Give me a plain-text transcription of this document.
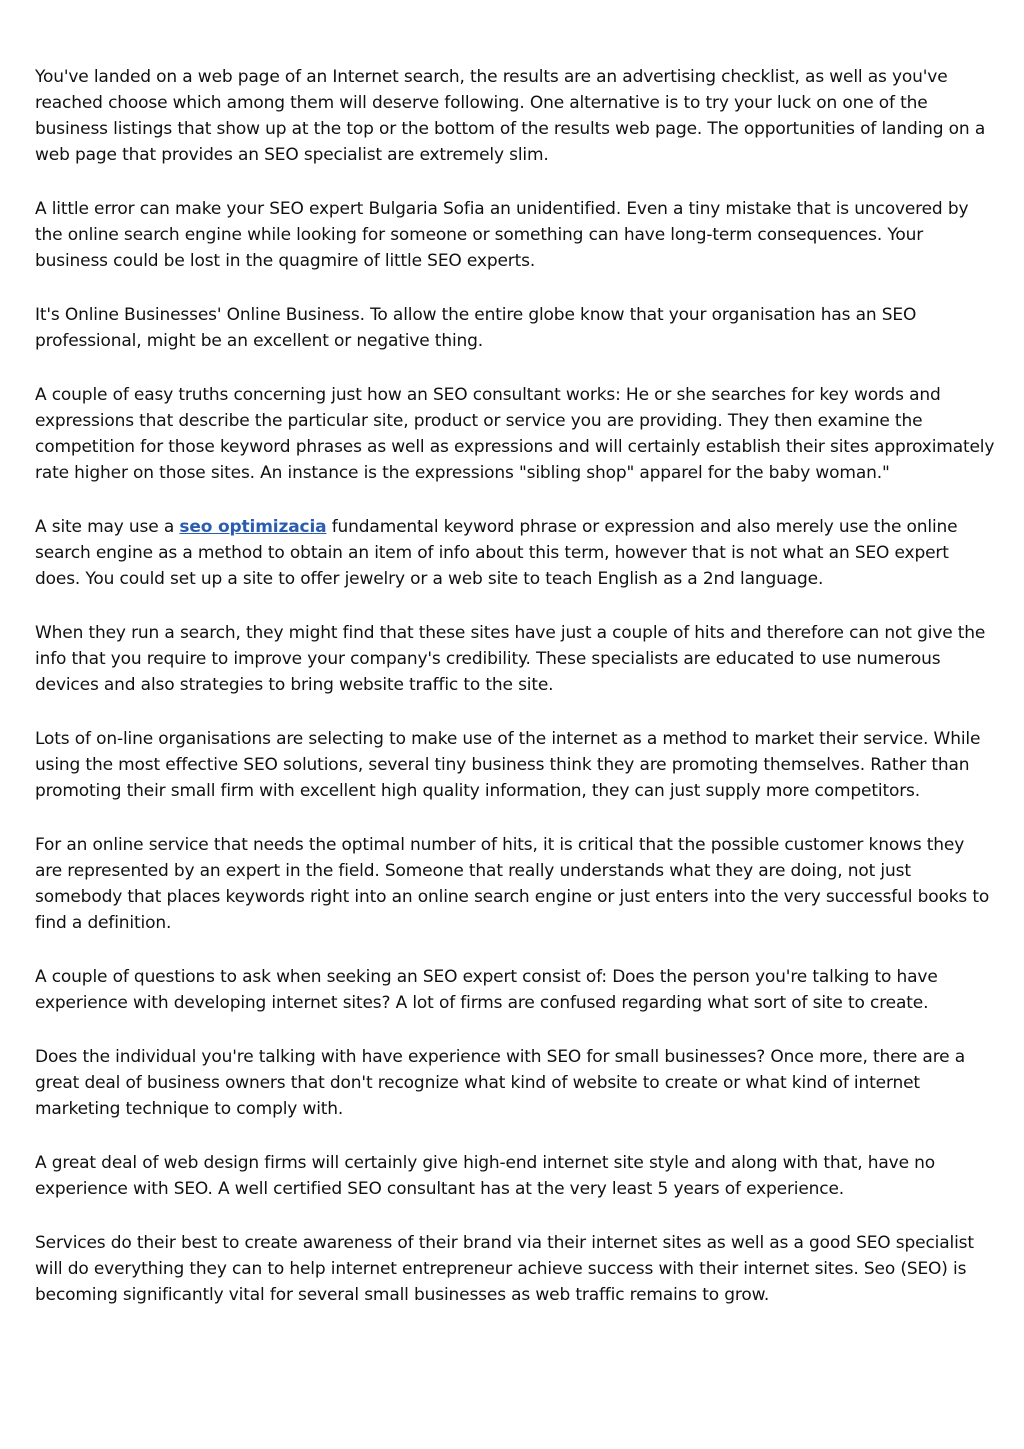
You've landed on a web page of an Internet search, the results are an advertising checklist, as well as you've reached choose which among them will deserve following. One alternative is to try your luck on one of the business listings that show up at the top or the bottom of the results web page. The opportunities of landing on a web page that provides an SEO specialist are extremely slim.

A little error can make your SEO expert Bulgaria Sofia an unidentified. Even a tiny mistake that is uncovered by the online search engine while looking for someone or something can have long-term consequences. Your business could be lost in the quagmire of little SEO experts.

It's Online Businesses' Online Business. To allow the entire globe know that your organisation has an SEO professional, might be an excellent or negative thing.

A couple of easy truths concerning just how an SEO consultant works: He or she searches for key words and expressions that describe the particular site, product or service you are providing. They then examine the competition for those keyword phrases as well as expressions and will certainly establish their sites approximately rate higher on those sites. An instance is the expressions "sibling shop" apparel for the baby woman."

A site may use a seo optimizacia fundamental keyword phrase or expression and also merely use the online search engine as a method to obtain an item of info about this term, however that is not what an SEO expert does. You could set up a site to offer jewelry or a web site to teach English as a 2nd language.

When they run a search, they might find that these sites have just a couple of hits and therefore can not give the info that you require to improve your company's credibility. These specialists are educated to use numerous devices and also strategies to bring website traffic to the site.

Lots of on-line organisations are selecting to make use of the internet as a method to market their service. While using the most effective SEO solutions, several tiny business think they are promoting themselves. Rather than promoting their small firm with excellent high quality information, they can just supply more competitors.

For an online service that needs the optimal number of hits, it is critical that the possible customer knows they are represented by an expert in the field. Someone that really understands what they are doing, not just somebody that places keywords right into an online search engine or just enters into the very successful books to find a definition.

A couple of questions to ask when seeking an SEO expert consist of: Does the person you're talking to have experience with developing internet sites? A lot of firms are confused regarding what sort of site to create.

Does the individual you're talking with have experience with SEO for small businesses? Once more, there are a great deal of business owners that don't recognize what kind of website to create or what kind of internet marketing technique to comply with.

A great deal of web design firms will certainly give high-end internet site style and along with that, have no experience with SEO. A well certified SEO consultant has at the very least 5 years of experience.

Services do their best to create awareness of their brand via their internet sites as well as a good SEO specialist will do everything they can to help internet entrepreneur achieve success with their internet sites. Seo (SEO) is becoming significantly vital for several small businesses as web traffic remains to grow.
